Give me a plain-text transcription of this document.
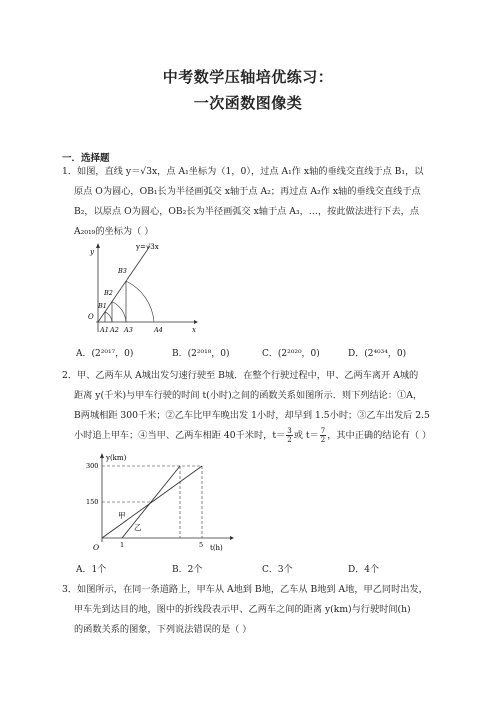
中考数学压轴培优练习：
一次函数图像类
一．选择题
1．如图，直线 y＝√3x，点 A₁坐标为（1，0），过点 A₁作 x轴的垂线交直线于点 B₁，以
原点 O为圆心，OB₁长为半径画弧交 x轴于点 A₂；再过点 A₂作 x轴的垂线交直线于点
B₂，以原点 O为圆心，OB₂长为半径画弧交 x轴于点 A₃，…，按此做法进行下去，点
A₂₀₁₉的坐标为（ ）
y=√3x
y
x
O
B1
B2
B3
A1 A2 A3	A4
A．(2²⁰¹⁷，0)	B．(2²⁰¹⁸，0)	C．(2²⁰²⁰，0)	D．(2⁴⁰³⁴，0)
2．甲、乙两车从 A城出发匀速行驶至 B城．在整个行驶过程中，甲、乙两车离开 A城的
距离 y(千米)与甲车行驶的时间 t(小时)之间的函数关系如图所示．则下列结论：①A，
B两城相距 300千米；②乙车比甲车晚出发 1小时，却早到 1.5小时；③乙车出发后 2.5
小时追上甲车；④当甲、乙两车相距 40千米时，$t= \frac{3}{2}$ 或 $t= \frac{7}{2}$ ，其中正确的结论有（ ）
y(km)
t(h)
O
300
150
1	5
甲
乙
A．1个	B．2个	C．3个	D．4个
3．如图所示，在同一条道路上，甲车从 A地到 B地，乙车从 B地到 A地，甲乙同时出发，
甲车先到达目的地，图中的折线段表示甲、乙两车之间的距离 y(km)与行驶时间(h)
的函数关系的图象，下列说法错误的是（ ）
